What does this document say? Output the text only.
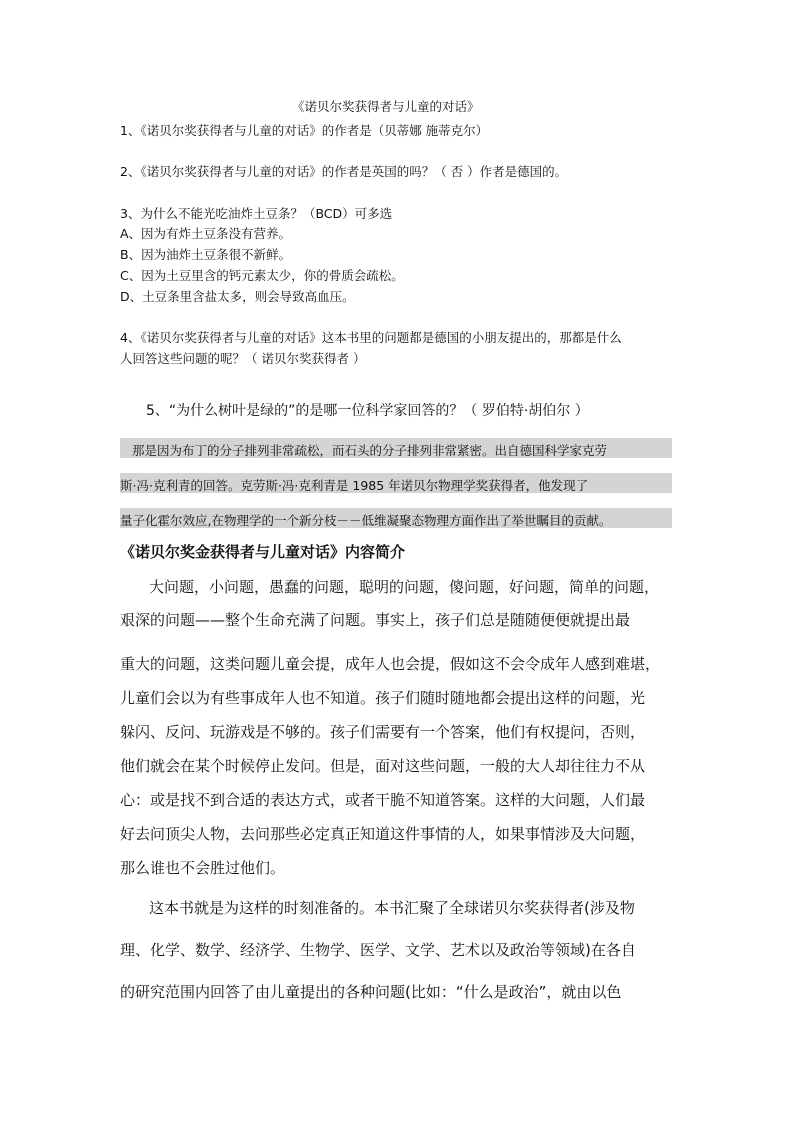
《诺贝尔奖获得者与儿童的对话》
1、《诺贝尔奖获得者与儿童的对话》的作者是（贝蒂娜 施蒂克尔）
2、《诺贝尔奖获得者与儿童的对话》的作者是英国的吗？（ 否 ）作者是德国的。
3、为什么不能光吃油炸土豆条？（BCD）可多选
A、因为有炸土豆条没有营养。
B、因为油炸土豆条很不新鲜。
C、因为土豆里含的钙元素太少，你的骨质会疏松。
D、土豆条里含盐太多，则会导致高血压。
4、《诺贝尔奖获得者与儿童的对话》这本书里的问题都是德国的小朋友提出的，那都是什么
人回答这些问题的呢？（ 诺贝尔奖获得者 ）
5、“为什么树叶是绿的”的是哪一位科学家回答的？（ 罗伯特·胡伯尔 ）
那是因为布丁的分子排列非常疏松，而石头的分子排列非常紧密。出自德国科学家克劳
斯·冯·克利青的回答。克劳斯·冯·克利青是 1985 年诺贝尔物理学奖获得者，他发现了
量子化霍尔效应,在物理学的一个新分枝－－低维凝聚态物理方面作出了举世瞩目的贡献。
《诺贝尔奖金获得者与儿童对话》内容简介
大问题，小问题，愚蠢的问题，聪明的问题，傻问题，好问题，简单的问题，
艰深的问题——整个生命充满了问题。事实上，孩子们总是随随便便就提出最
重大的问题，这类问题儿童会提，成年人也会提，假如这不会令成年人感到难堪，
儿童们会以为有些事成年人也不知道。孩子们随时随地都会提出这样的问题，光
躲闪、反问、玩游戏是不够的。孩子们需要有一个答案，他们有权提问，否则，
他们就会在某个时候停止发问。但是，面对这些问题，一般的大人却往往力不从
心：或是找不到合适的表达方式，或者干脆不知道答案。这样的大问题，人们最
好去问顶尖人物，去问那些必定真正知道这件事情的人，如果事情涉及大问题，
那么谁也不会胜过他们。
这本书就是为这样的时刻准备的。本书汇聚了全球诺贝尔奖获得者(涉及物
理、化学、数学、经济学、生物学、医学、文学、艺术以及政治等领域)在各自
的研究范围内回答了由儿童提出的各种问题(比如：“什么是政治”，就由以色
